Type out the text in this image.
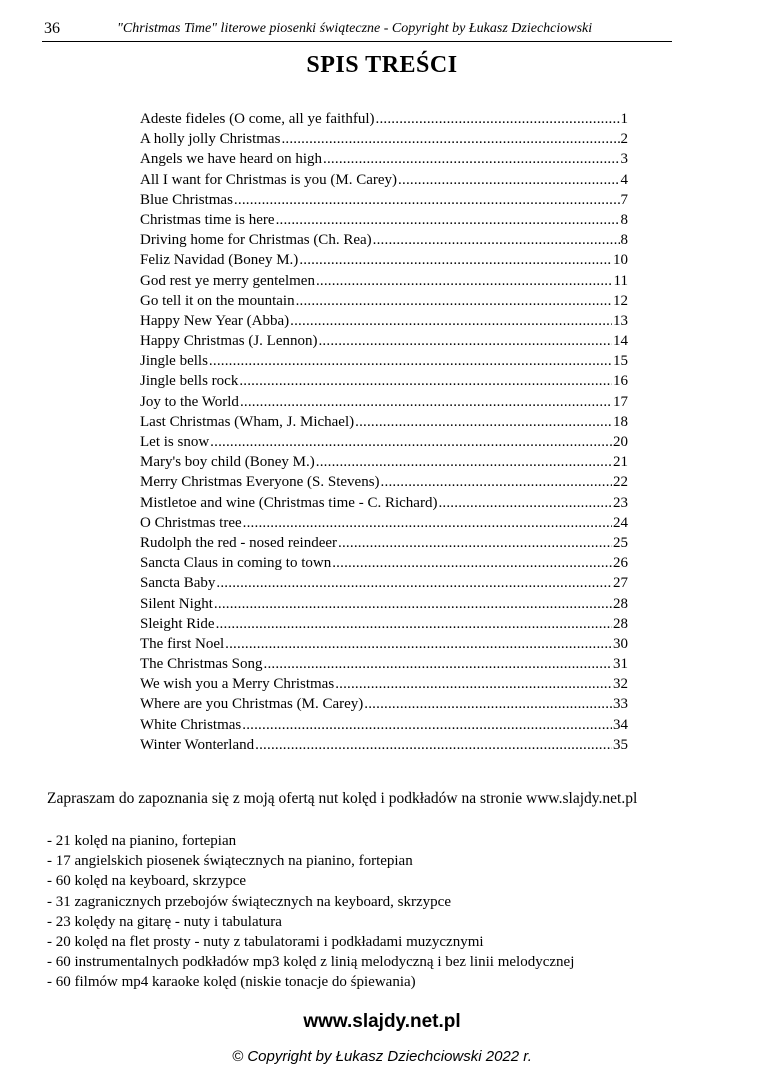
36	"Christmas Time" literowe piosenki świąteczne - Copyright by Łukasz Dziechciowski
SPIS TREŚCI
Adeste fideles (O come, all ye faithful) .....	1
A holly jolly Christmas .....	2
Angels we have heard on high .....	3
All I want for Christmas is you (M. Carey) .....	4
Blue Christmas .....	7
Christmas time is here .....	8
Driving home for Christmas (Ch. Rea) .....	8
Feliz Navidad (Boney M.) .....	10
God rest ye merry gentelmen .....	11
Go tell it on the mountain .....	12
Happy New Year (Abba) .....	13
Happy Christmas (J. Lennon) .....	14
Jingle bells .....	15
Jingle bells rock .....	16
Joy to the World .....	17
Last Christmas (Wham, J. Michael) .....	18
Let is snow .....	20
Mary's boy child (Boney M.) .....	21
Merry Christmas Everyone (S. Stevens) .....	22
Mistletoe and wine (Christmas time - C. Richard) .....	23
O Christmas tree .....	24
Rudolph the red - nosed reindeer .....	25
Sancta Claus in coming to town .....	26
Sancta Baby .....	27
Silent Night .....	28
Sleight Ride .....	28
The first Noel .....	30
The Christmas Song .....	31
We wish you a Merry Christmas .....	32
Where are you Christmas (M. Carey) .....	33
White Christmas .....	34
Winter Wonterland .....	35
Zapraszam do zapoznania się z moją ofertą nut kolęd i podkładów na stronie www.slajdy.net.pl
- 21 kolęd na pianino, fortepian
- 17 angielskich piosenek świątecznych na pianino, fortepian
- 60 kolęd na keyboard, skrzypce
- 31 zagranicznych przebojów świątecznych na keyboard, skrzypce
- 23 kolędy na gitarę - nuty i tabulatura
- 20 kolęd na flet prosty - nuty z tabulatorami i podkładami muzycznymi
- 60 instrumentalnych podkładów mp3 kolęd z linią melodyczną i bez linii melodycznej
- 60 filmów mp4 karaoke kolęd (niskie tonacje do śpiewania)
www.slajdy.net.pl
© Copyright by Łukasz Dziechciowski 2022 r.
